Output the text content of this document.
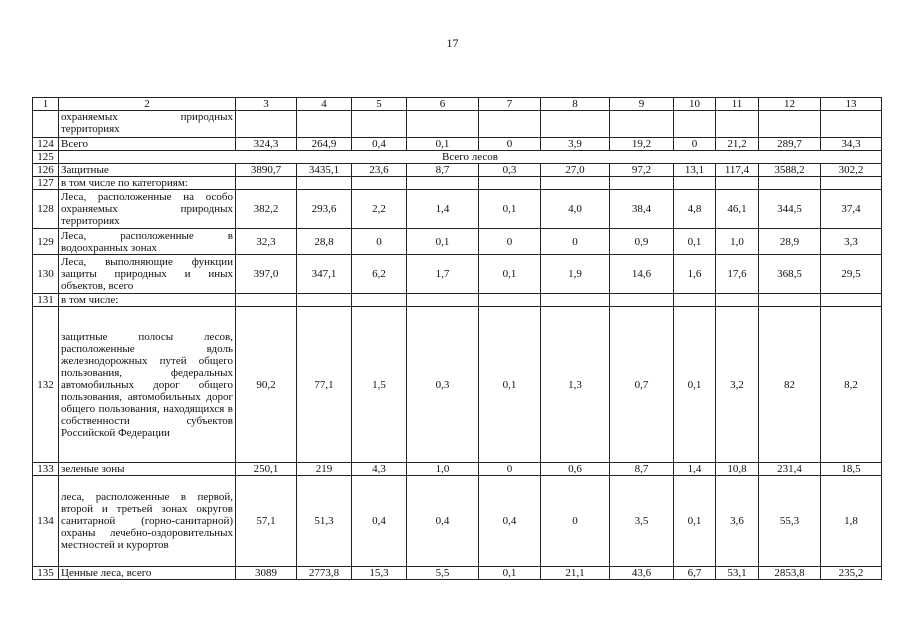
17
1	2	3	4	5	6	7	8	9	10	11	12	13
	охраняемых природных территориях											
124	Всего	324,3	264,9	0,4	0,1	0	3,9	19,2	0	21,2	289,7	34,3
125	Всего лесов											
126	Защитные	3890,7	3435,1	23,6	8,7	0,3	27,0	97,2	13,1	117,4	3588,2	302,2
127	в том числе по категориям:											
128	Леса, расположенные на особо охраняемых природных территориях	382,2	293,6	2,2	1,4	0,1	4,0	38,4	4,8	46,1	344,5	37,4
129	Леса, расположенные в водоохранных зонах	32,3	28,8	0	0,1	0	0	0,9	0,1	1,0	28,9	3,3
130	Леса, выполняющие функции защиты природных и иных объектов, всего	397,0	347,1	6,2	1,7	0,1	1,9	14,6	1,6	17,6	368,5	29,5
131	в том числе:											
132	защитные полосы лесов, расположенные вдоль железнодорожных путей общего пользования, федеральных автомобильных дорог общего пользования, автомобильных дорог общего пользования, находящихся в собственности субъектов Российской Федерации	90,2	77,1	1,5	0,3	0,1	1,3	0,7	0,1	3,2	82	8,2
133	зеленые зоны	250,1	219	4,3	1,0	0	0,6	8,7	1,4	10,8	231,4	18,5
134	леса, расположенные в первой, второй и третьей зонах округов санитарной (горно-санитарной) охраны лечебно-оздоровительных местностей и курортов	57,1	51,3	0,4	0,4	0,4	0	3,5	0,1	3,6	55,3	1,8
135	Ценные леса, всего	3089	2773,8	15,3	5,5	0,1	21,1	43,6	6,7	53,1	2853,8	235,2
